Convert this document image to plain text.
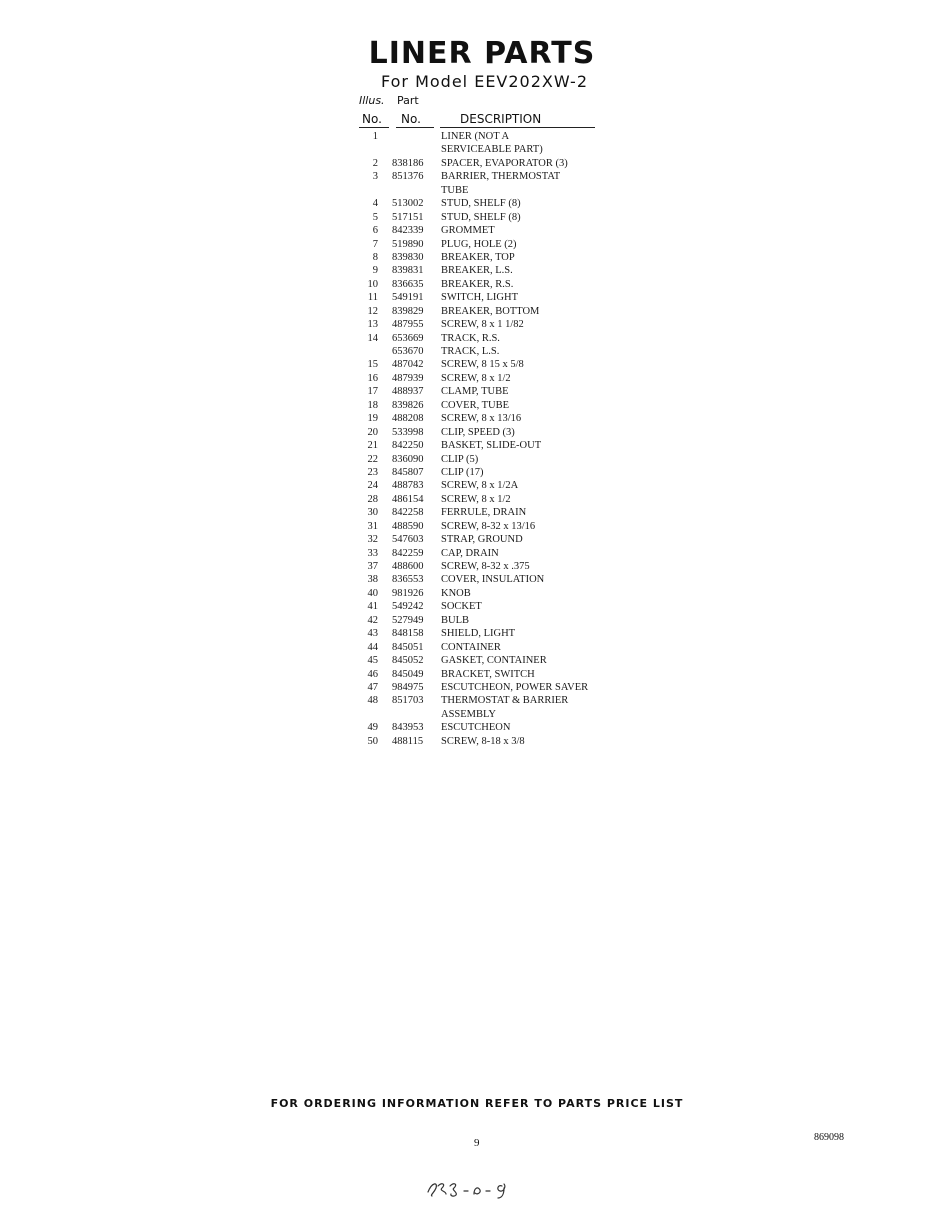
LINER PARTS
For Model EEV202XW-2
Illus. Part
No. No.	DESCRIPTION
1	LINER (NOT A
SERVICEABLE PART)
2 838186 SPACER, EVAPORATOR (3)
3 851376 BARRIER, THERMOSTAT
TUBE
4 513002 STUD, SHELF (8)
5 517151 STUD, SHELF (8)
6 842339 GROMMET
7 519890 PLUG, HOLE (2)
8 839830 BREAKER, TOP
9 839831 BREAKER, L.S.
10 836635 BREAKER, R.S.
11 549191 SWITCH, LIGHT
12 839829 BREAKER, BOTTOM
13 487955 SCREW, 8 x 1 1/82
14 653669 TRACK, R.S.
653670 TRACK, L.S.
15 487042 SCREW, 8 15 x 5/8
16 487939 SCREW, 8 x 1/2
17 488937 CLAMP, TUBE
18 839826 COVER, TUBE
19 488208 SCREW, 8 x 13/16
20 533998 CLIP, SPEED (3)
21 842250 BASKET, SLIDE-OUT
22 836090 CLIP (5)
23 845807 CLIP (17)
24 488783 SCREW, 8 x 1/2A
28 486154 SCREW, 8 x 1/2
30 842258 FERRULE, DRAIN
31 488590 SCREW, 8-32 x 13/16
32 547603 STRAP, GROUND
33 842259 CAP, DRAIN
37 488600 SCREW, 8-32 x .375
38 836553 COVER, INSULATION
40 981926 KNOB
41 549242 SOCKET
42 527949 BULB
43 848158 SHIELD, LIGHT
44 845051 CONTAINER
45 845052 GASKET, CONTAINER
46 845049 BRACKET, SWITCH
47 984975 ESCUTCHEON, POWER SAVER
48 851703 THERMOSTAT & BARRIER
ASSEMBLY
49 843953 ESCUTCHEON
50 488115 SCREW, 8-18 x 3/8
FOR ORDERING INFORMATION REFER TO PARTS PRICE LIST
9	869098
